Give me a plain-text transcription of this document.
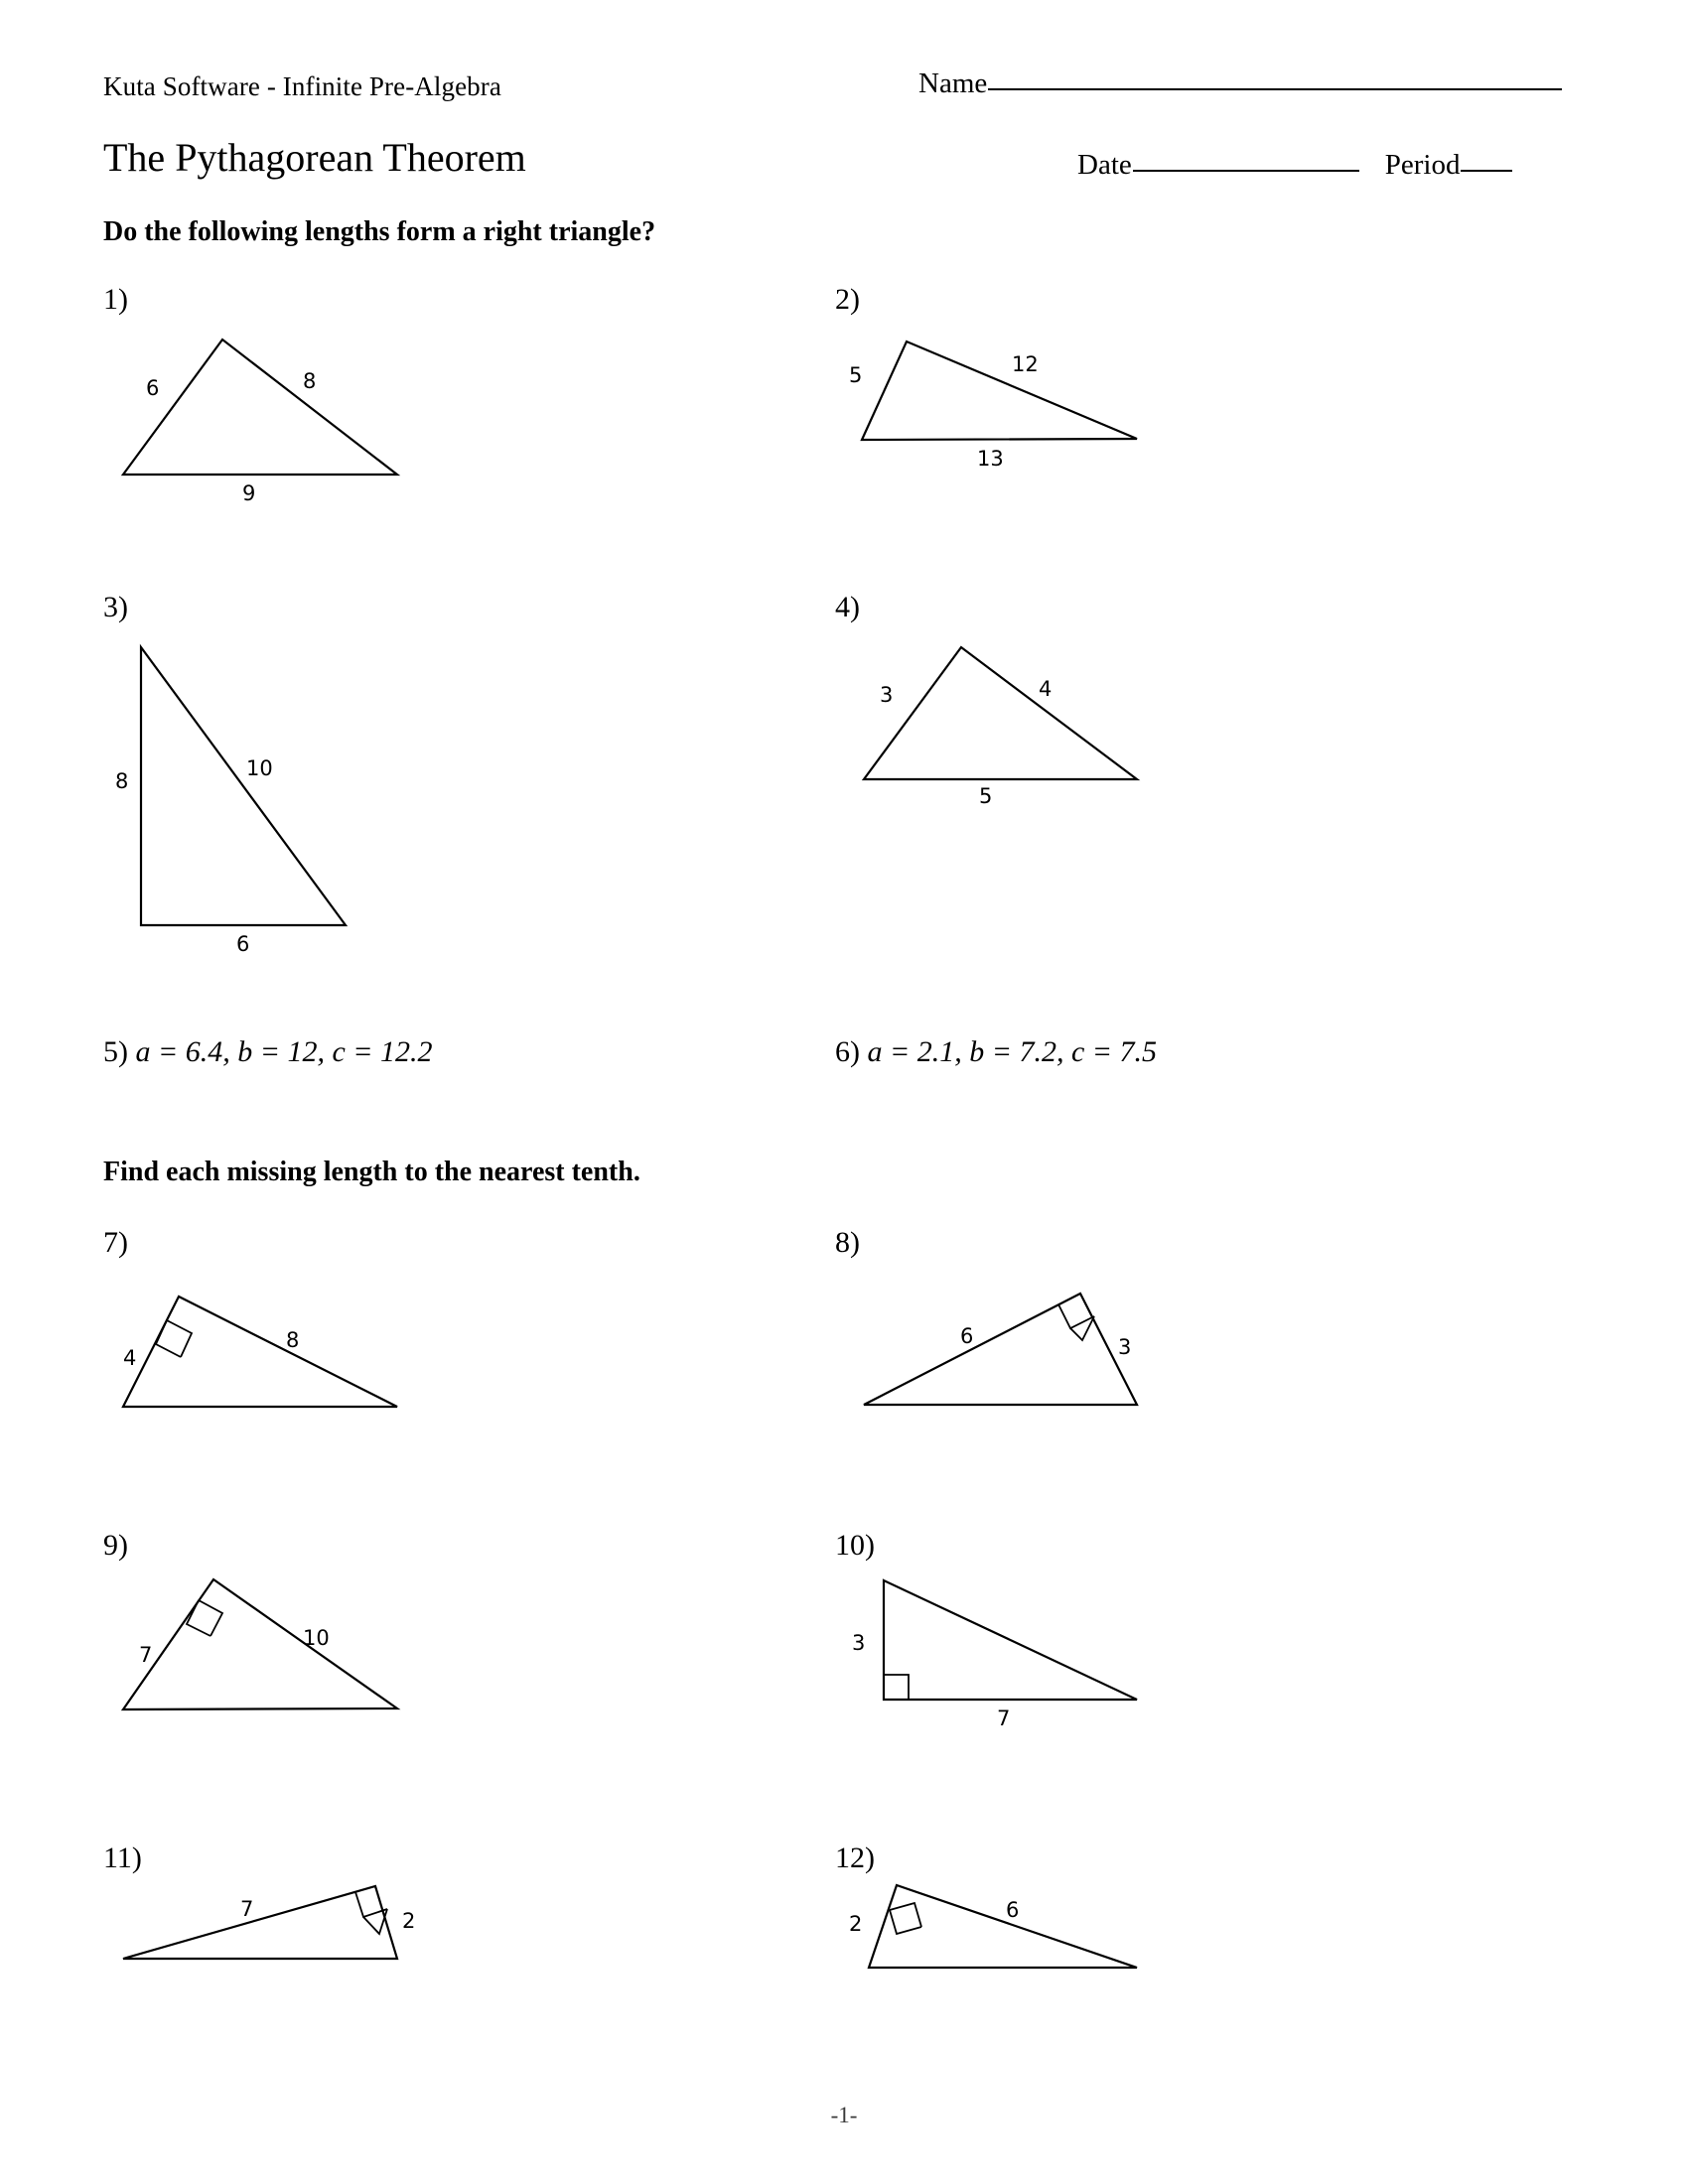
Kuta Software - Infinite Pre-Algebra	Name
The Pythagorean Theorem	Date	Period
Do the following lengths form a right triangle?
1)
6	8
9
2)
5	12
13
3)
8
10
6
4)
3	4
5
5) a = 6.4, b = 12, c = 12.2	6) a = 2.1, b = 7.2, c = 7.5
Find each missing length to the nearest tenth.
7)
4
8
8)
6	3
9)
7
10
10)
3
7
11)
7	2
12)
2
6
-1-
